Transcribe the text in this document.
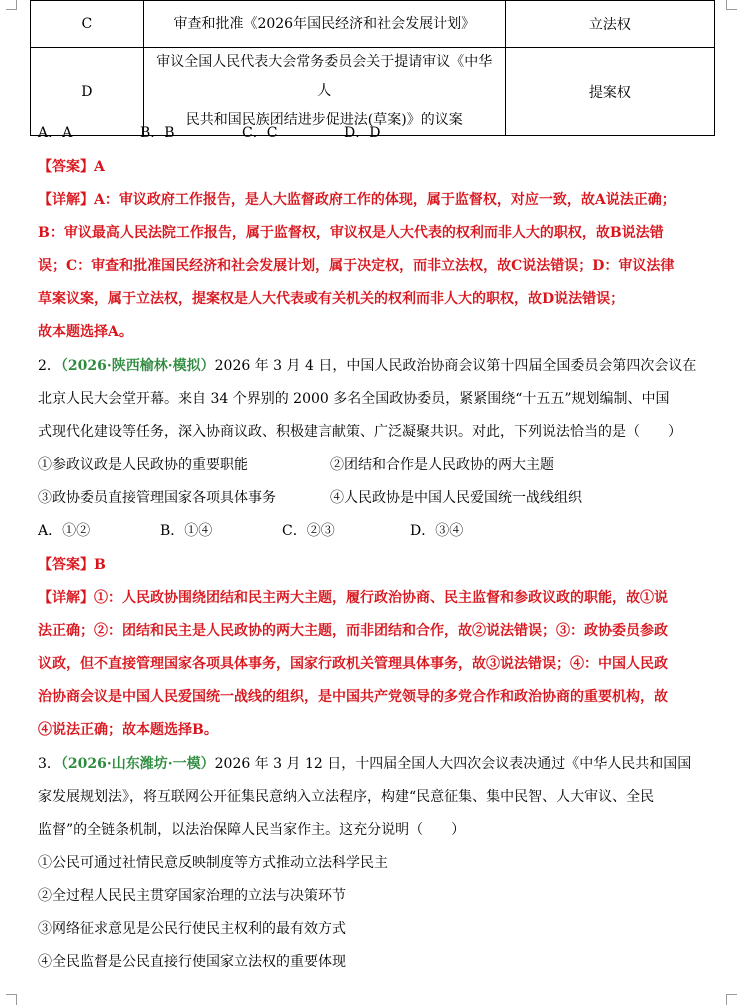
C	审查和批准《2026年国民经济和社会发展计划》	立法权
D	审议全国人民代表大会常务委员会关于提请审议《中华人
民共和国民族团结进步促进法(草案)》的议案	提案权
A．A	B．B	C．C	D．D
【答案】A
【详解】A：审议政府工作报告，是人大监督政府工作的体现，属于监督权，对应一致，故A说法正确；
B：审议最高人民法院工作报告，属于监督权，审议权是人大代表的权利而非人大的职权，故B说法错
误；C：审查和批准国民经济和社会发展计划，属于决定权，而非立法权，故C说法错误；D：审议法律
草案议案，属于立法权，提案权是人大代表或有关机关的权利而非人大的职权，故D说法错误；
故本题选择A。
2．（2026·陕西榆林·模拟）2026 年 3 月 4 日，中国人民政治协商会议第十四届全国委员会第四次会议在
北京人民大会堂开幕。来自 34 个界别的 2000 多名全国政协委员，紧紧围绕“十五五”规划编制、中国
式现代化建设等任务，深入协商议政、积极建言献策、广泛凝聚共识。对此，下列说法恰当的是（　　）
①参政议政是人民政协的重要职能	②团结和合作是人民政协的两大主题
③政协委员直接管理国家各项具体事务	④人民政协是中国人民爱国统一战线组织
A．①②	B．①④	C．②③	D．③④
【答案】B
【详解】①：人民政协围绕团结和民主两大主题，履行政治协商、民主监督和参政议政的职能，故①说
法正确；②：团结和民主是人民政协的两大主题，而非团结和合作，故②说法错误；③：政协委员参政
议政，但不直接管理国家各项具体事务，国家行政机关管理具体事务，故③说法错误；④：中国人民政
治协商会议是中国人民爱国统一战线的组织，是中国共产党领导的多党合作和政治协商的重要机构，故
④说法正确；故本题选择B。
3．（2026·山东潍坊·一模）2026 年 3 月 12 日，十四届全国人大四次会议表决通过《中华人民共和国国
家发展规划法》，将互联网公开征集民意纳入立法程序，构建“民意征集、集中民智、人大审议、全民
监督”的全链条机制，以法治保障人民当家作主。这充分说明（　　）
①公民可通过社情民意反映制度等方式推动立法科学民主
②全过程人民民主贯穿国家治理的立法与决策环节
③网络征求意见是公民行使民主权利的最有效方式
④全民监督是公民直接行使国家立法权的重要体现
